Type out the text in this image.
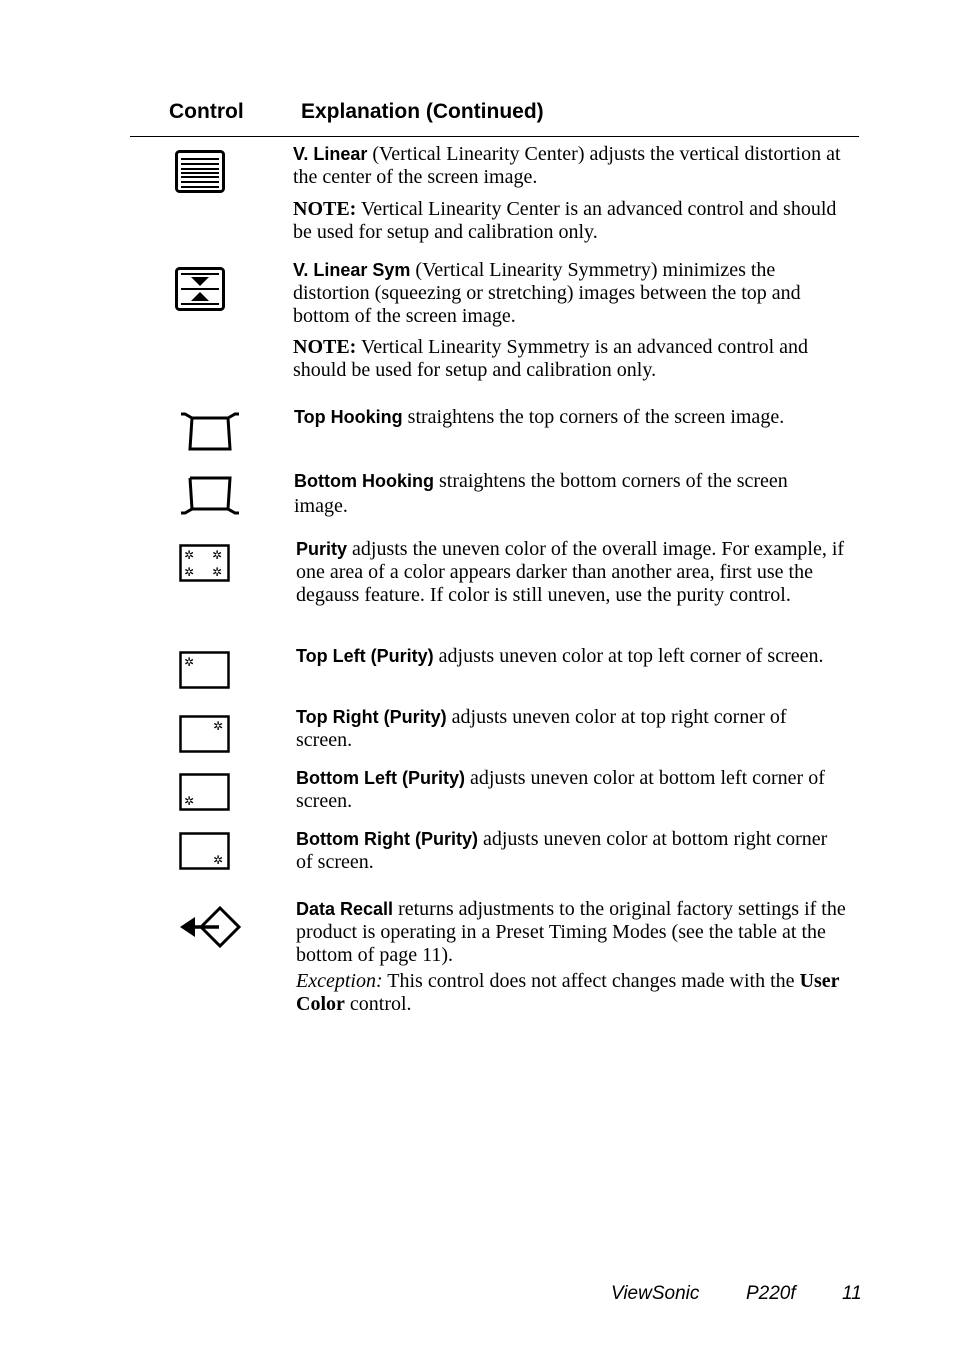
Control	Explanation (Continued)
✲ ✲
✲ ✲
✲
✲
✲
✲

V. Linear (Vertical Linearity Center) adjusts the vertical distortion at the center of the screen image.

NOTE: Vertical Linearity Center is an advanced control and should be used for setup and calibration only.

V. Linear Sym (Vertical Linearity Symmetry) minimizes the distortion (squeezing or stretching) images between the top and bottom of the screen image.

NOTE: Vertical Linearity Symmetry is an advanced control and should be used for setup and calibration only.

Top Hooking straightens the top corners of the screen image.

Bottom Hooking straightens the bottom corners of the screen image.

Purity adjusts the uneven color of the overall image. For example, if one area of a color appears darker than another area, first use the degauss feature. If color is still uneven, use the purity control.

Top Left (Purity) adjusts uneven color at top left corner of screen.

Top Right (Purity) adjusts uneven color at top right corner of screen.

Bottom Left (Purity) adjusts uneven color at bottom left corner of screen.

Bottom Right (Purity) adjusts uneven color at bottom right corner of screen.

Data Recall returns adjustments to the original factory settings if the product is operating in a Preset Timing Modes (see the table at the bottom of page 11).

Exception: This control does not affect changes made with the User Color control.

ViewSonic P220f 11
